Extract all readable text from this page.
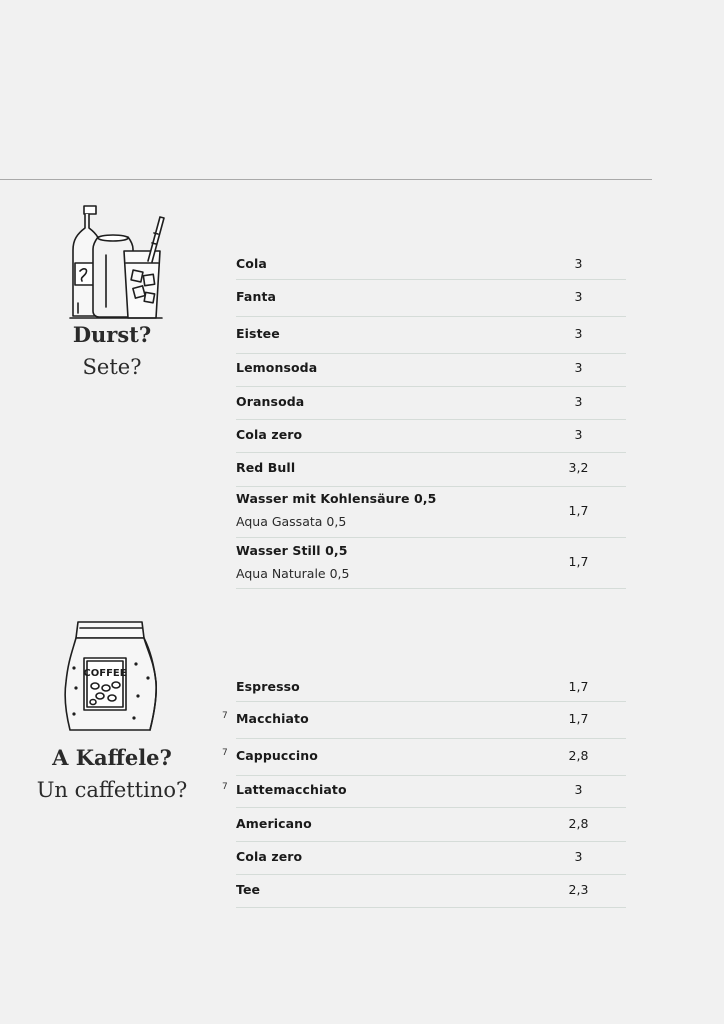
Durst?
Sete?
Cola	3
Fanta	3
Eistee	3
Lemonsoda	3
Oransoda	3
Cola zero	3
Red Bull	3,2
Wasser mit Kohlensäure 0,5
Aqua Gassata 0,5
1,7
Wasser Still 0,5
Aqua Naturale 0,5
1,7
COFFEE
A Kaffele?
Un caffettino?
Espresso	1,7
7 Macchiato	1,7
7 Cappuccino	2,8
7 Lattemacchiato	3
Americano	2,8
Cola zero	3
Tee	2,3
